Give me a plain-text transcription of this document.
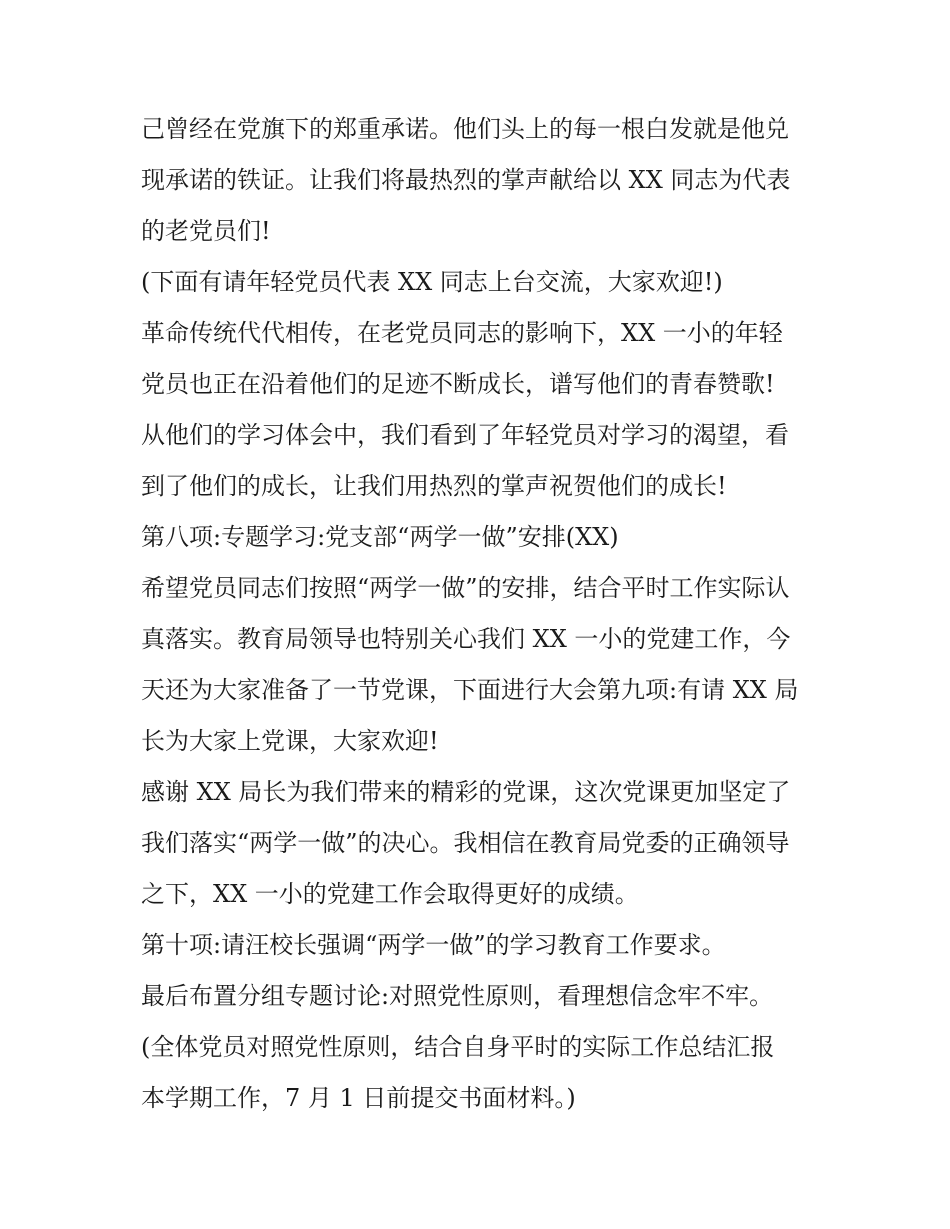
己曾经在党旗下的郑重承诺。他们头上的每一根白发就是他兑
现承诺的铁证。让我们将最热烈的掌声献给以 XX 同志为代表
的老党员们!
(下面有请年轻党员代表 XX 同志上台交流，大家欢迎!)
革命传统代代相传，在老党员同志的影响下，XX 一小的年轻
党员也正在沿着他们的足迹不断成长，谱写他们的青春赞歌!
从他们的学习体会中，我们看到了年轻党员对学习的渴望，看
到了他们的成长，让我们用热烈的掌声祝贺他们的成长!
第八项:专题学习:党支部“两学一做”安排(XX)
希望党员同志们按照“两学一做”的安排，结合平时工作实际认
真落实。教育局领导也特别关心我们 XX 一小的党建工作，今
天还为大家准备了一节党课，下面进行大会第九项:有请 XX 局
长为大家上党课，大家欢迎!
感谢 XX 局长为我们带来的精彩的党课，这次党课更加坚定了
我们落实“两学一做”的决心。我相信在教育局党委的正确领导
之下，XX 一小的党建工作会取得更好的成绩。
第十项:请汪校长强调“两学一做”的学习教育工作要求。
最后布置分组专题讨论:对照党性原则，看理想信念牢不牢。
(全体党员对照党性原则，结合自身平时的实际工作总结汇报
本学期工作，7 月 1 日前提交书面材料。)
